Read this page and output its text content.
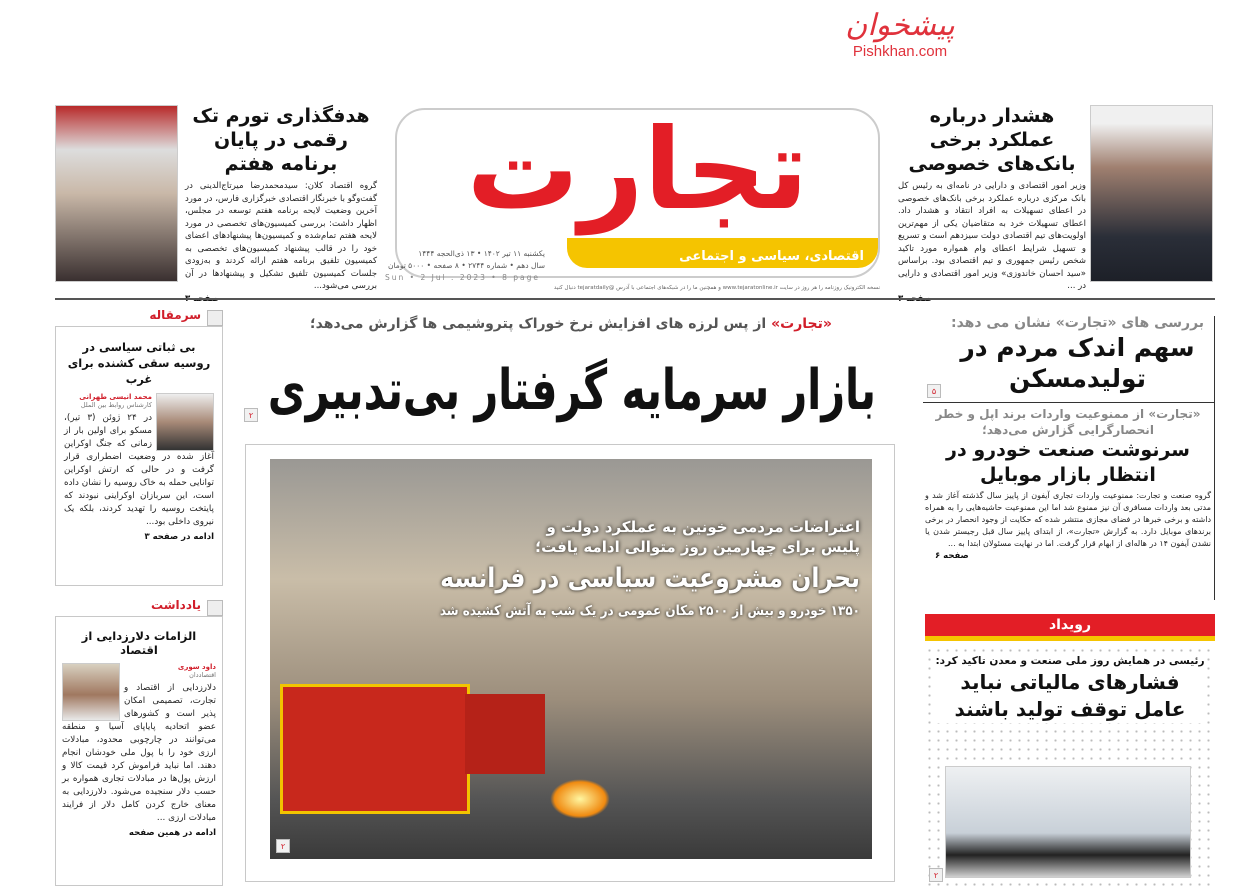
پیشخوان
Pishkhan.com
هدفگذاری تورم تک رقمی در پایان برنامه هفتم
گروه اقتصاد کلان: سیدمحمدرضا میرتاج‌الدینی در گفت‌وگو با خبرنگار اقتصادی خبرگزاری فارس، در مورد آخرین وضعیت لایحه برنامه هفتم توسعه در مجلس، اظهار داشت: بررسی کمیسیون‌های تخصصی در مورد لایحه هفتم تمام‌شده و کمیسیون‌ها پیشنهادهای اعضای خود را در قالب پیشنهاد کمیسیون‌های تخصصی به کمیسیون تلفیق برنامه هفتم ارائه کردند و به‌زودی جلسات کمیسیون تلفیق تشکیل و پیشنهادها در آن بررسی می‌شود...
اقتصادی، سیاسی و اجتماعی
تجارت
یکشنبه ۱۱ تیر ۱۴۰۲ • ۱۳ ذی‌الحجه ۱۴۴۴
سال دهم • شماره ۲۷۴۴ • ۸ صفحه • ۵۰۰۰ تومان
Sun • 2 Jul . 2023 • 8 page
نسخه الکترونیک روزنامه را هر روز در سایت www.tejaratonline.ir و همچنین ما را در شبکه‌های اجتماعی با آدرس @tejaratdaily دنبال کنید
هشدار درباره عملکرد برخی بانک‌های خصوصی
وزیر امور اقتصادی و دارایی در نامه‌ای به رئیس کل بانک مرکزی درباره عملکرد برخی بانک‌های خصوصی در اعطای تسهیلات به افراد انتقاد و هشدار داد. اعطای تسهیلات خرد به متقاضیان یکی از مهم‌ترین اولویت‌های تیم اقتصادی دولت سیزدهم است و تسریع و تسهیل شرایط اعطای وام همواره مورد تاکید شخص رئیس جمهوری و تیم اقتصادی بود. براساس «سید احسان خاندوزی» وزیر امور اقتصادی و دارایی در ...
سرمقاله
بی ثباتی سیاسی در روسیه سقی کشنده برای غرب
محمد انیسی طهرانی
کارشناس روابط بین الملل
در ۲۴ ژوئن (۳ تیر)، مسکو برای اولین بار از زمانی که جنگ اوکراین آغاز شده در وضعیت اضطراری قرار گرفت و در حالی که ارتش اوکراین توانایی حمله به خاک روسیه را نشان داده است، این سربازان اوکراینی نبودند که پایتخت روسیه را تهدید کردند، بلکه یک نیروی داخلی بود...
ادامه در صفحه ۳
یادداشت
الزامات دلارزدایی از اقتصاد
داود سوری
اقتصاددان
دلارزدایی از اقتصاد و تجارت، تصمیمی امکان پذیر است و کشورهای عضو اتحادیه پایاپای آسیا و منطقه می‌توانند در چارچوبی محدود، مبادلات ارزی خود را با پول ملی خودشان انجام دهند. اما نباید فراموش کرد قیمت کالا و ارزش پول‌ها در مبادلات تجاری همواره بر حسب دلار سنجیده می‌شود. دلارزدایی به معنای خارج کردن کامل دلار از فرایند مبادلات ارزی ...
ادامه در همین صفحه
«تجارت» از پس لرزه های افزایش نرخ خوراک پتروشیمی ها گزارش می‌دهد؛
بازار سرمایه گرفتار بی‌تدبیری
۲
اعتراضات مردمی خونین به عملکرد دولت و
پلیس برای چهارمین روز متوالی ادامه یافت؛
بحران مشروعیت سیاسی در فرانسه
۱۳۵۰ خودرو و بیش از ۲۵۰۰ مکان عمومی در یک شب به آتش کشیده شد
۲
بررسی های «تجارت» نشان می دهد:
سهم اندک مردم در تولیدمسکن
۵
«تجارت» از ممنوعیت واردات برند اپل و خطر انحصارگرایی گزارش می‌دهد؛
سرنوشت صنعت خودرو در انتظار بازار موبایل
گروه صنعت و تجارت: ممنوعیت واردات تجاری آیفون از پاییز سال گذشته آغاز شد و مدتی بعد واردات مسافری آن نیز ممنوع شد اما این ممنوعیت حاشیه‌هایی را به همراه داشته و برخی خبرها در فضای مجازی منتشر شده که حکایت از وجود انحصار در برخی برندهای موبایل دارد. به گزارش «تجارت»، از ابتدای پاییز سال قبل رجیستر شدن یا نشدن آیفون ۱۴ در هاله‌ای از ابهام قرار گرفت. اما در نهایت مسئولان ابتدا به ...
صفحه ۶
رویداد
رئیسی در همایش روز ملی صنعت و معدن تاکید کرد:
فشارهای مالیاتی نباید عامل توقف تولید باشند
۲
